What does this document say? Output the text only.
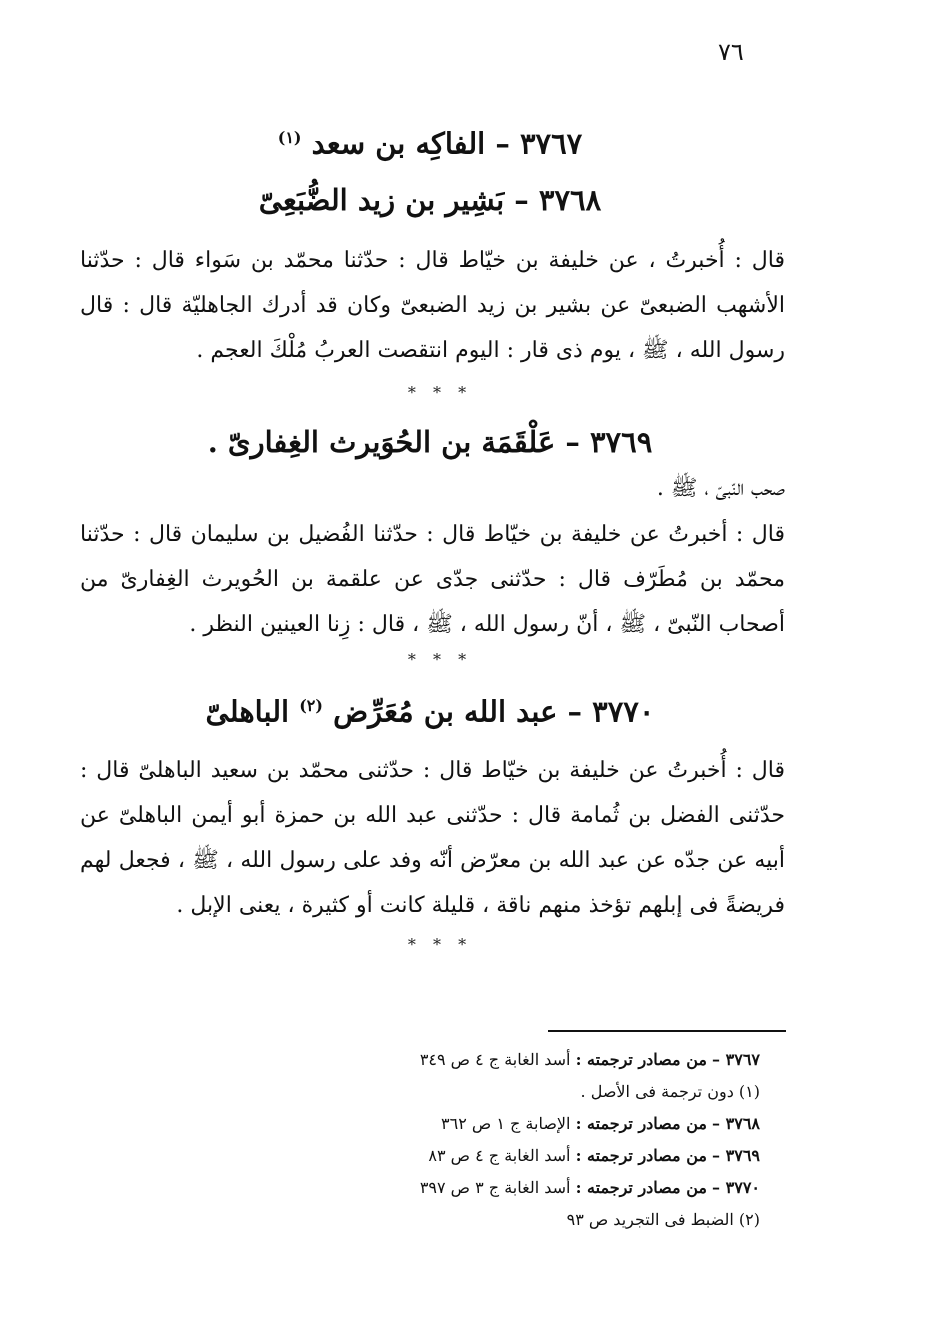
٧٦
٣٧٦٧ – الفاكِه بن سعد $^{(١)}$
٣٧٦٨ – بَشِير بن زيد الضُّبَعِىّ
قال : أُخبرتُ ، عن خليفة بن خيّاط قال : حدّثنا محمّد بن سَواء قال : حدّثنا الأشهب الضبعىّ عن بشير بن زيد الضبعىّ وكان قد أدرك الجاهليّة قال : قال رسول الله ، ﷺ ، يوم ذى قار : اليوم انتقصت العربُ مُلْكَ العجم .
* * *
٣٧٦٩ – عَلْقَمَة بن الحُوَيرث الغِفارىّ .
صحب النّبىّ ، ﷺ .
قال : أخبرتُ عن خليفة بن خيّاط قال : حدّثنا الفُضيل بن سليمان قال : حدّثنا محمّد بن مُطَرّف قال : حدّثنى جدّى عن علقمة بن الحُويرث الغِفارىّ من أصحاب النّبىّ ، ﷺ ، أنّ رسول الله ، ﷺ ، قال : زِنا العينين النظر .
* * *
٣٧٧٠ – عبد الله بن مُعَرِّض $^{(٢)}$ الباهلىّ
قال : أُخبرتُ عن خليفة بن خيّاط قال : حدّثنى محمّد بن سعيد الباهلىّ قال : حدّثنى الفضل بن ثُمامة قال : حدّثنى عبد الله بن حمزة أبو أيمن الباهلىّ عن أبيه عن جدّه عن عبد الله بن معرّض أنّه وفد على رسول الله ، ﷺ ، فجعل لهم فريضةً فى إبلهم تؤخذ منهم ناقة ، قليلة كانت أو كثيرة ، يعنى الإبل .
* * *
٣٧٦٧ – من مصادر ترجمته : أسد الغابة ج ٤ ص ٣٤٩
(١) دون ترجمة فى الأصل .
٣٧٦٨ – من مصادر ترجمته : الإصابة ج ١ ص ٣٦٢
٣٧٦٩ – من مصادر ترجمته : أسد الغابة ج ٤ ص ٨٣
٣٧٧٠ – من مصادر ترجمته : أسد الغابة ج ٣ ص ٣٩٧
(٢) الضبط فى التجريد ص ٩٣
